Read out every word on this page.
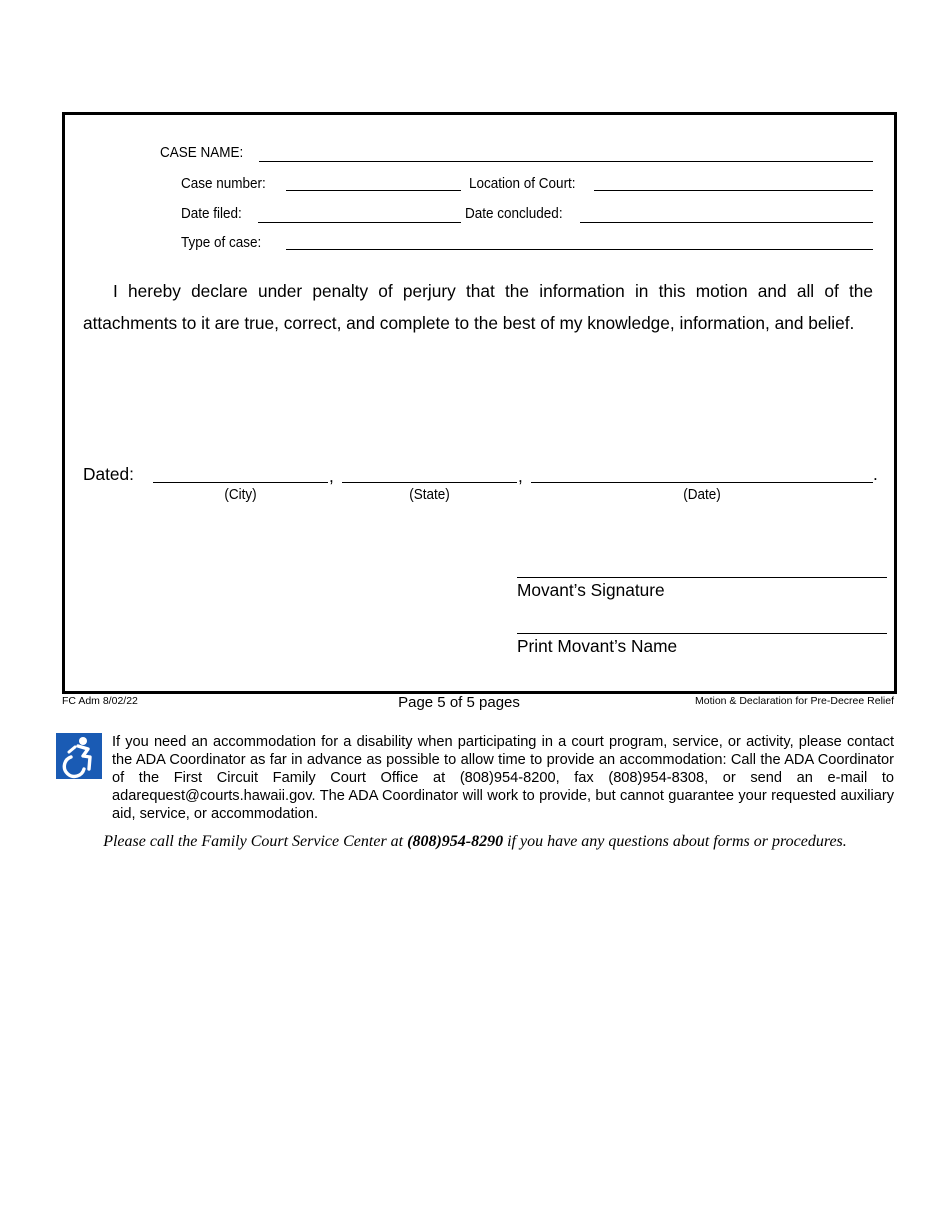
CASE NAME:
Case number:	Location of Court:
Date filed:	Date concluded:
Type of case:

I hereby declare under penalty of perjury that the information in this motion and all of the attachments to it are true, correct, and complete to the best of my knowledge, information, and belief.

Dated:	,	,	.
(City)	(State)	(Date)
Movant’s Signature
Print Movant’s Name
FC Adm 8/02/22	Page 5 of 5 pages	Motion & Declaration for Pre-Decree Relief

If you need an accommodation for a disability when participating in a court program, service, or activity, please contact the ADA Coordinator as far in advance as possible to allow time to provide an accommodation: Call the ADA Coordinator of the First Circuit Family Court Office at (808)954-8200, fax (808)954-8308, or send an e-mail to adarequest@courts.hawaii.gov. The ADA Coordinator will work to provide, but cannot guarantee your requested auxiliary aid, service, or accommodation.

Please call the Family Court Service Center at (808)954-8290 if you have any questions about forms or procedures.
